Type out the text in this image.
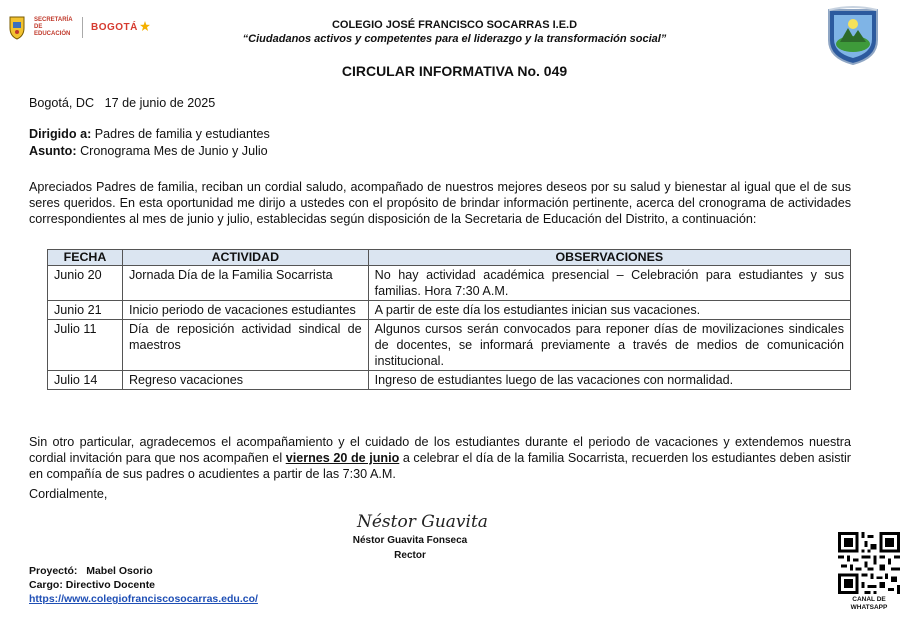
SECRETARÍA DE EDUCACIÓN
BOGOTÁ	COLEGIO JOSÉ FRANCISCO SOCARRAS I.E.D
“Ciudadanos activos y competentes para el liderazgo y la transformación social”
CIRCULAR INFORMATIVA No. 049
Bogotá, DC   17 de junio de 2025
Dirigido a: Padres de familia y estudiantes
Asunto: Cronograma Mes de Junio y Julio
Apreciados Padres de familia, reciban un cordial saludo, acompañado de nuestros mejores deseos por su salud y bienestar al igual que el de sus seres queridos. En esta oportunidad me dirijo a ustedes con el propósito de brindar información pertinente, acerca del cronograma de actividades correspondientes al mes de junio y julio, establecidas según disposición de la Secretaria de Educación del Distrito, a continuación:
FECHA	ACTIVIDAD	OBSERVACIONES
Junio 20	Jornada Día de la Familia Socarrista	No hay actividad académica presencial – Celebración para estudiantes y sus familias. Hora 7:30 A.M.
Junio 21	Inicio periodo de vacaciones estudiantes	A partir de este día los estudiantes inician sus vacaciones.
Julio 11	Día de reposición actividad sindical de maestros	Algunos cursos serán convocados para reponer días de movilizaciones sindicales de docentes, se informará previamente a través de medios de comunicación institucional.
Julio 14	Regreso vacaciones	Ingreso de estudiantes luego de las vacaciones con normalidad.
Sin otro particular, agradecemos el acompañamiento y el cuidado de los estudiantes durante el periodo de vacaciones y extendemos nuestra cordial invitación para que nos acompañen el viernes 20 de junio a celebrar el día de la familia Socarrista, recuerden los estudiantes deben asistir en compañía de sus padres o acudientes a partir de las 7:30 A.M.
Cordialmente,
Néstor Guavita
Néstor Guavita Fonseca
Rector
Proyectó: Mabel Osorio
Cargo: Directivo Docente
https://www.colegiofranciscosocarras.edu.co/	CANAL DE
WHATSAPP
